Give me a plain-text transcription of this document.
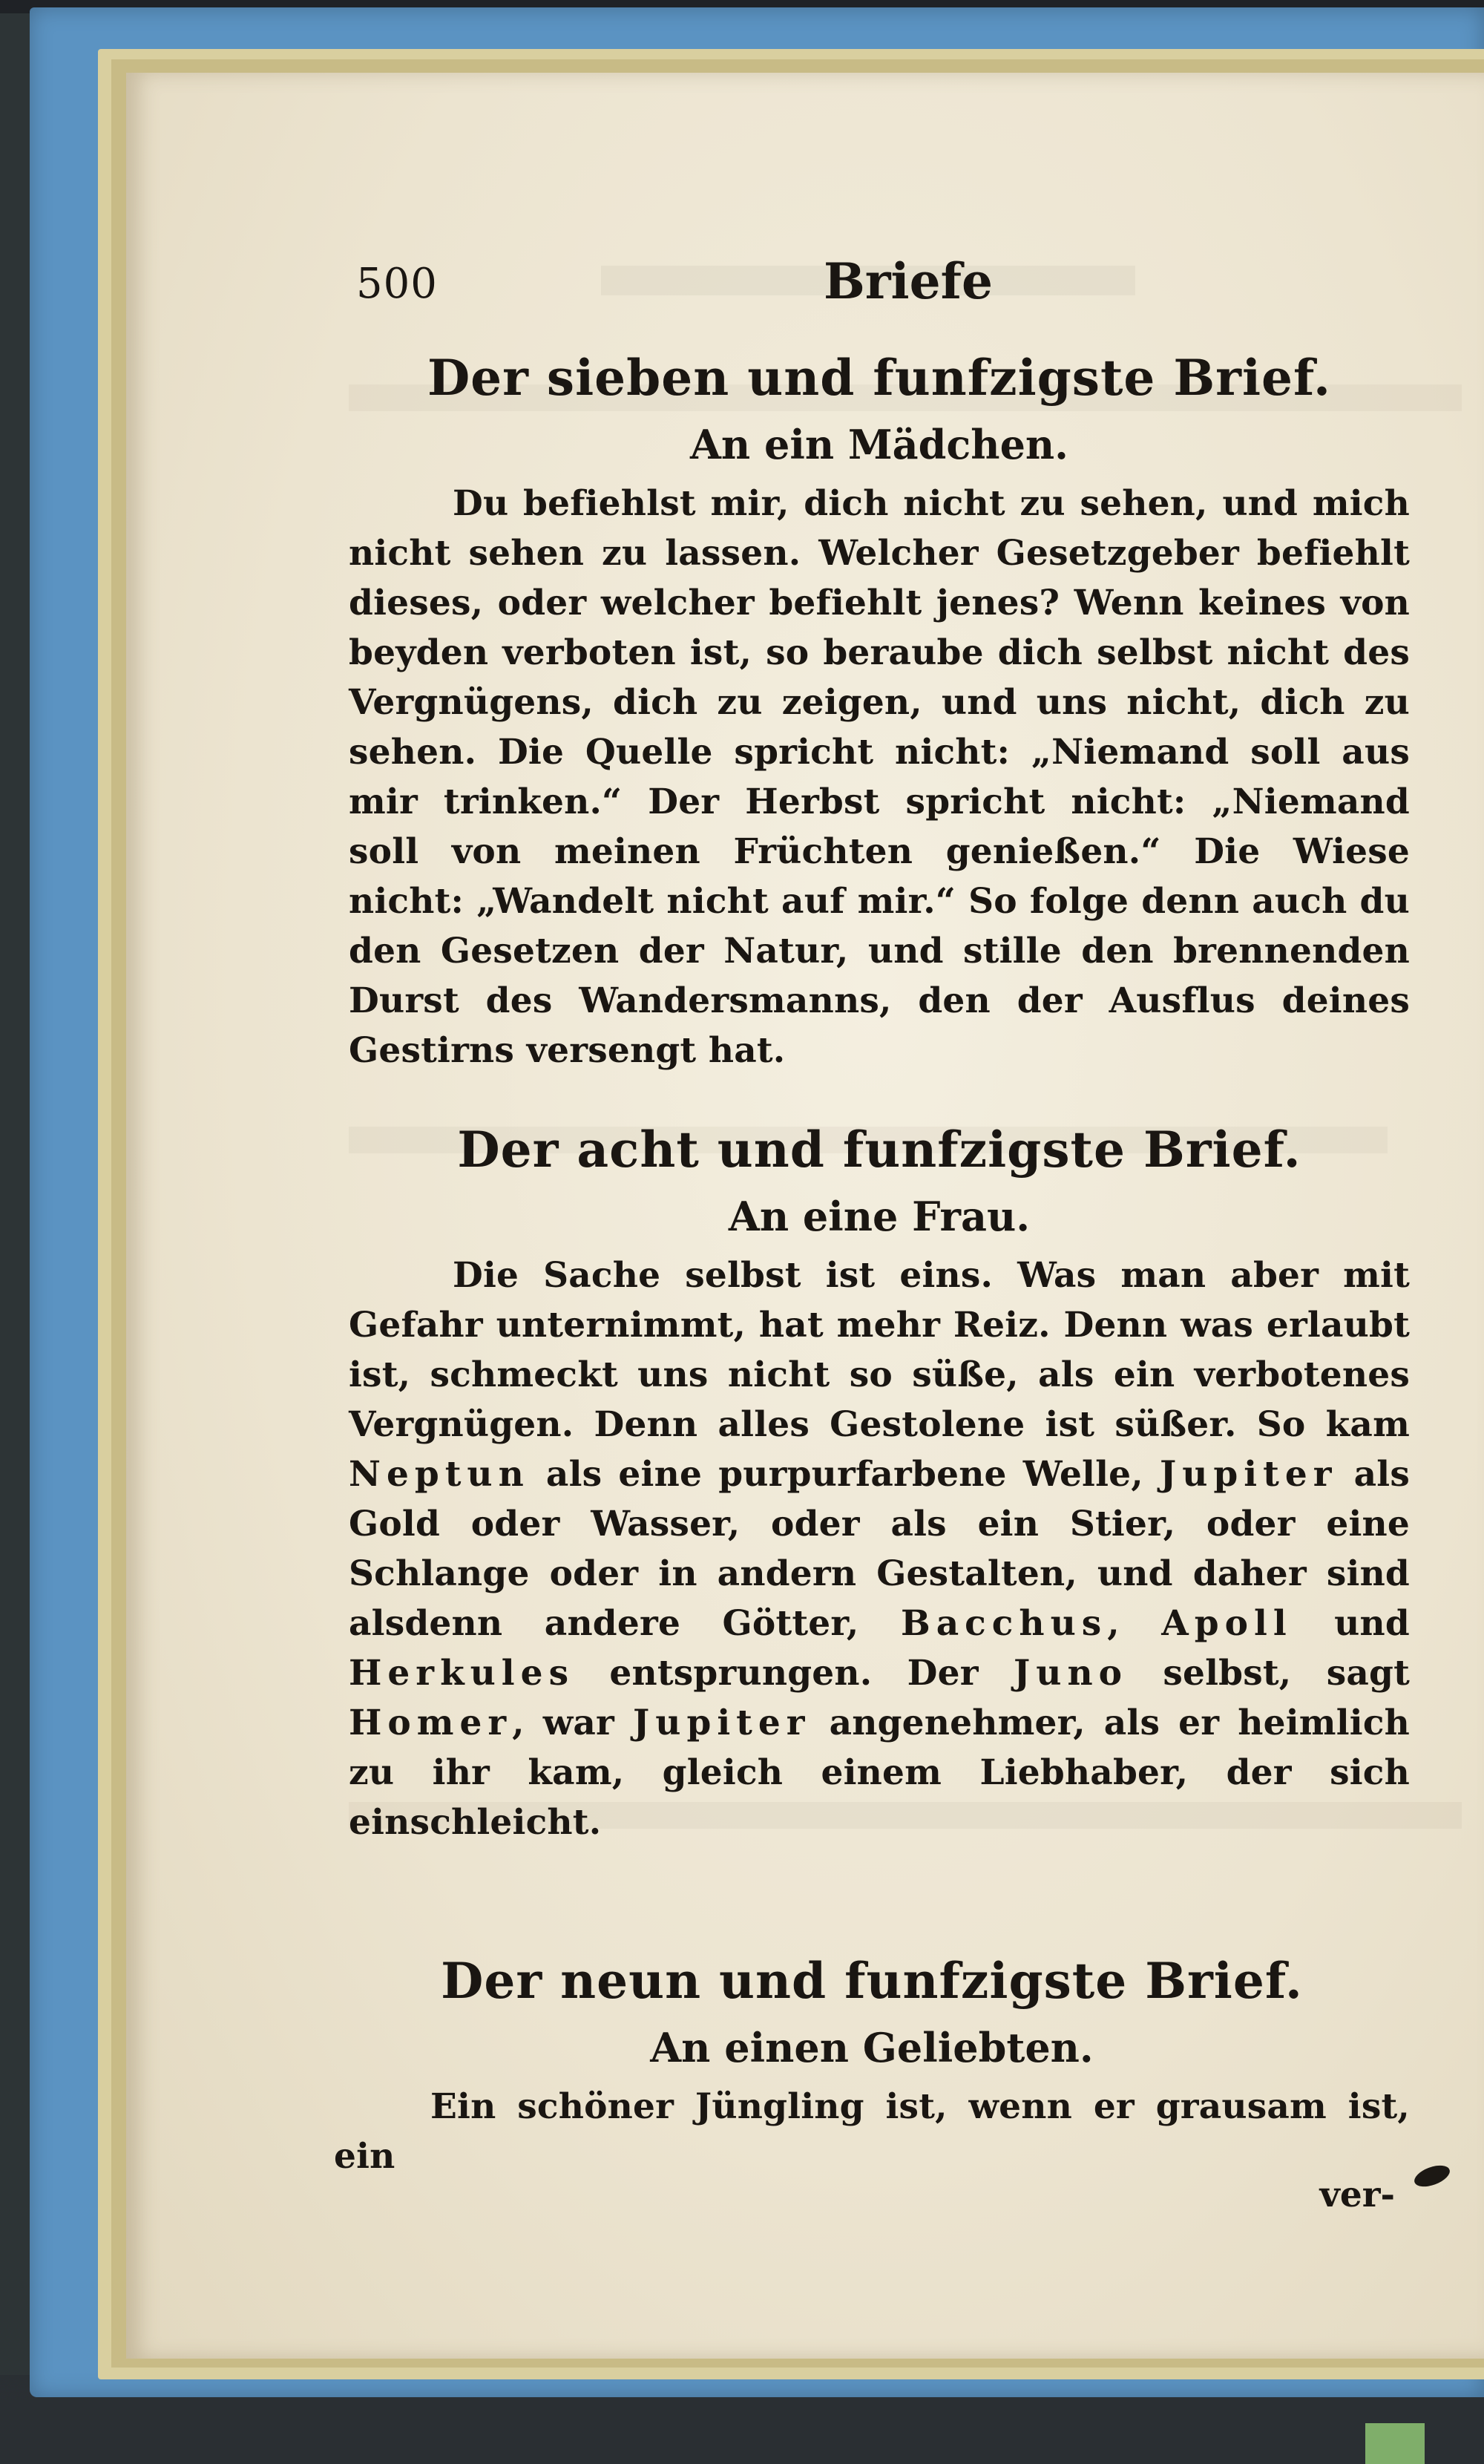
500	Briefe
Der sieben und funfzigste Brief.
An ein Mädchen.

Du befiehlst mir, dich nicht zu sehen, und mich nicht sehen zu lassen. Welcher Gesetzgeber befiehlt dieses, oder welcher befiehlt jenes? Wenn keines von beyden verboten ist, so beraube dich selbst nicht des Vergnügens, dich zu zeigen, und uns nicht, dich zu sehen. Die Quelle spricht nicht: „Niemand soll aus mir trinken.“ Der Herbst spricht nicht: „Niemand soll von meinen Früchten genießen.“ Die Wiese nicht: „Wandelt nicht auf mir.“ So folge denn auch du den Gesetzen der Natur, und stille den brennenden Durst des Wandersmanns, den der Ausflus deines Gestirns versengt hat.

Der acht und funfzigste Brief.
An eine Frau.

Die Sache selbst ist eins. Was man aber mit Gefahr unternimmt, hat mehr Reiz. Denn was erlaubt ist, schmeckt uns nicht so süße, als ein verbotenes Vergnügen. Denn alles Gestolene ist süßer. So kam Neptun als eine purpurfarbene Welle, Jupiter als Gold oder Wasser, oder als ein Stier, oder eine Schlange oder in andern Gestalten, und daher sind alsdenn andere Götter, Bacchus, Apoll und Herkules entsprungen. Der Juno selbst, sagt Homer, war Jupiter angenehmer, als er heimlich zu ihr kam, gleich einem Liebhaber, der sich einschleicht.

Der neun und funfzigste Brief.
An einen Geliebten.

Ein schöner Jüngling ist, wenn er grausam ist, ein

ver-
